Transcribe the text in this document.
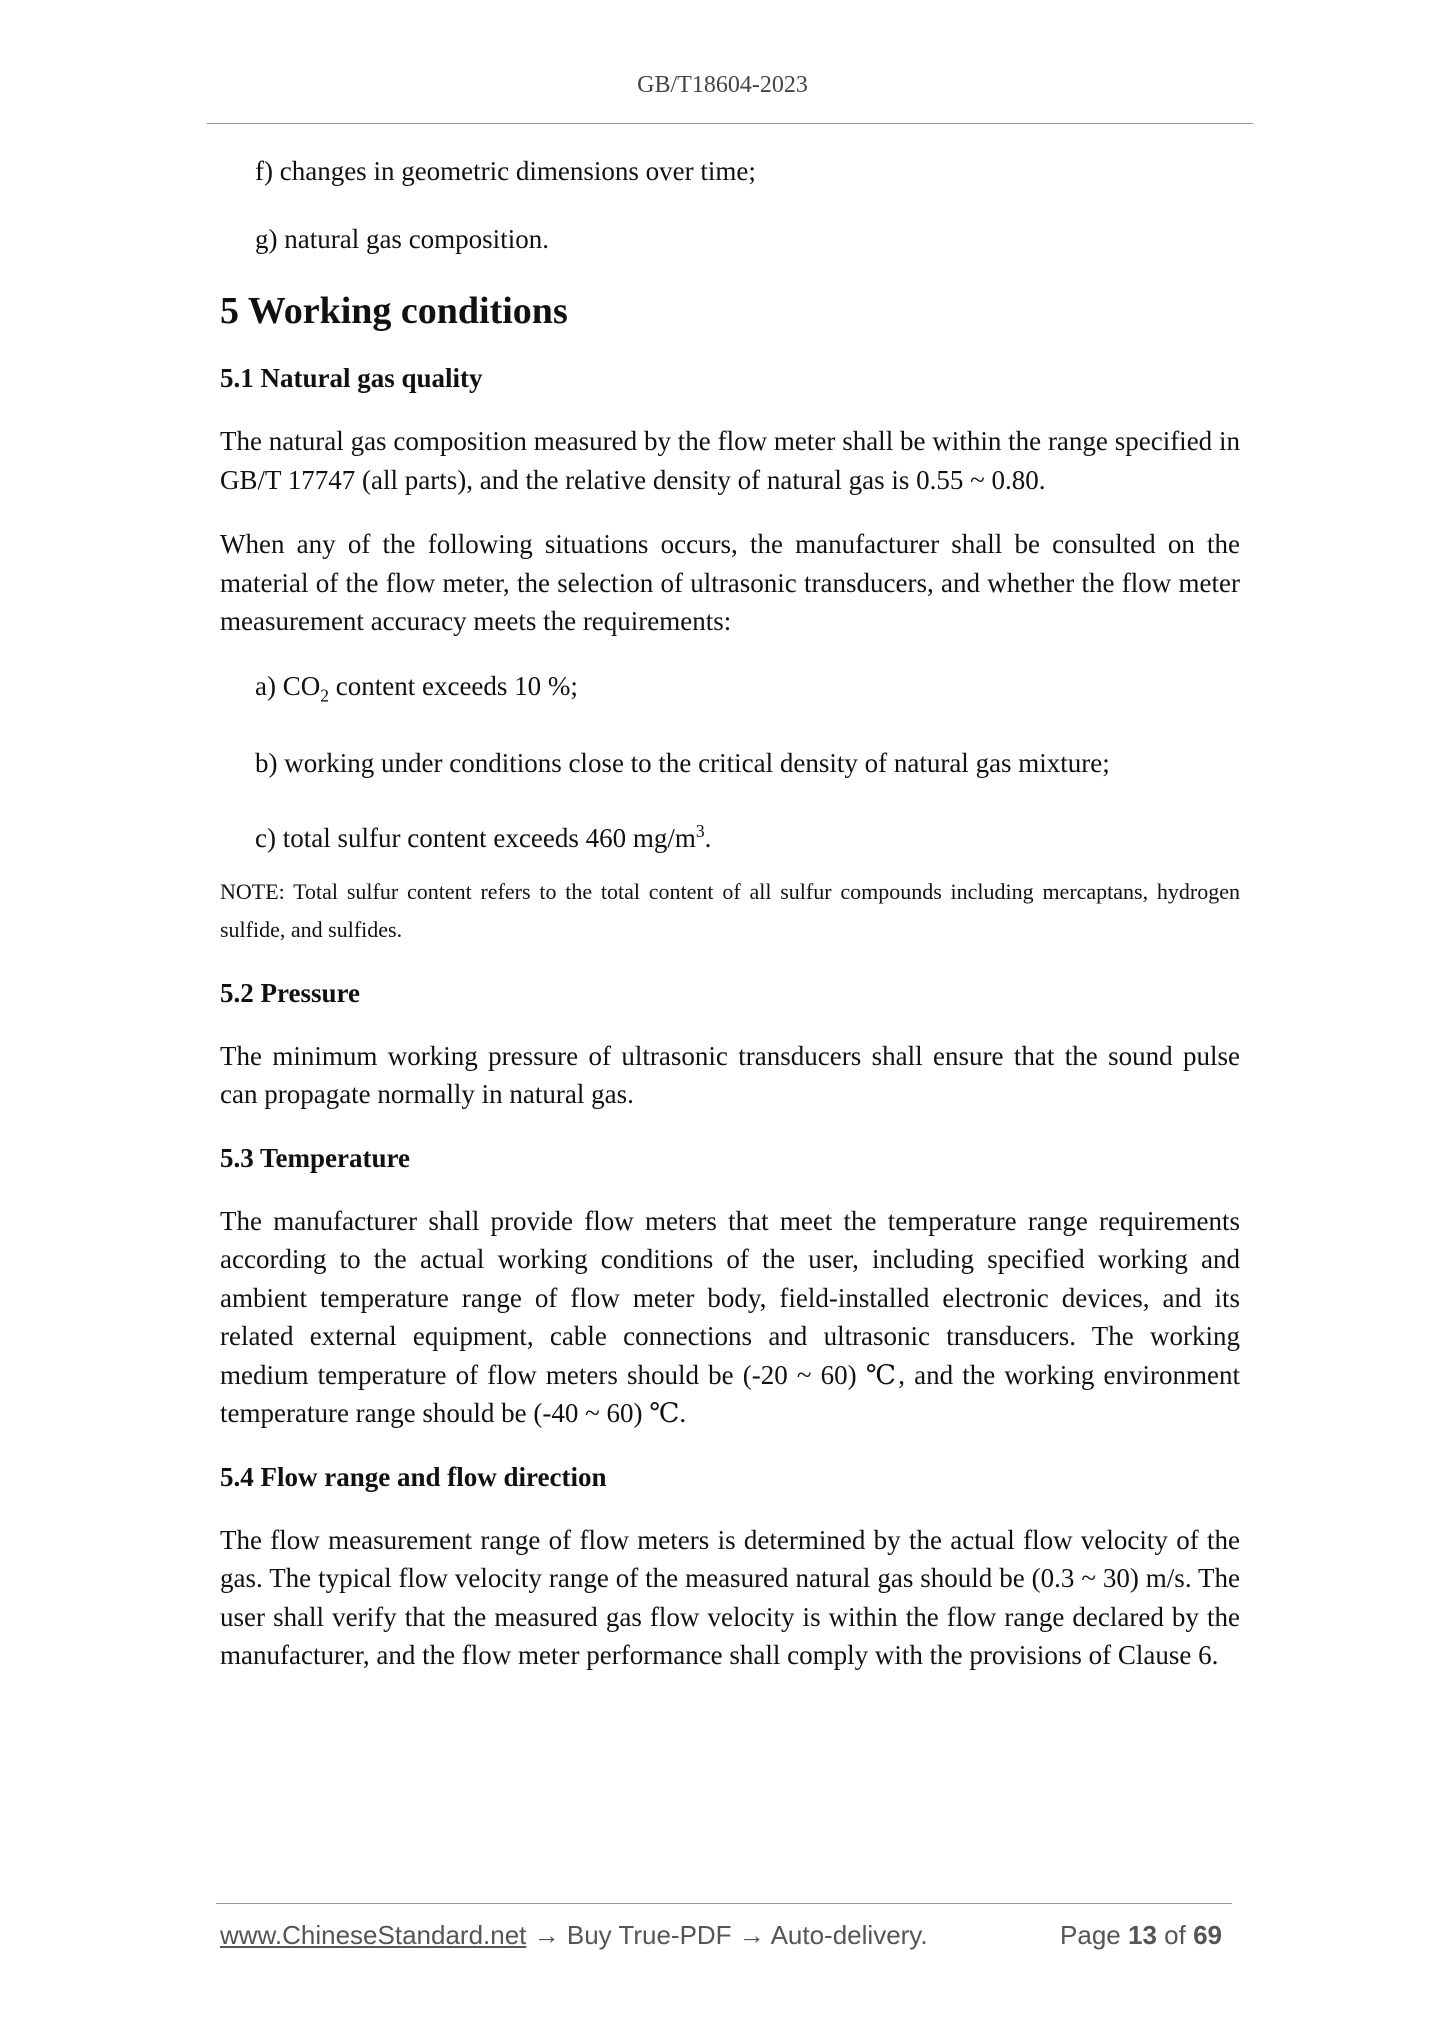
GB/T18604-2023
f) changes in geometric dimensions over time;
g) natural gas composition.
5 Working conditions
5.1 Natural gas quality
The natural gas composition measured by the flow meter shall be within the range specified in GB/T 17747 (all parts), and the relative density of natural gas is 0.55 ~ 0.80.
When any of the following situations occurs, the manufacturer shall be consulted on the material of the flow meter, the selection of ultrasonic transducers, and whether the flow meter measurement accuracy meets the requirements:
a) $CO_2$ content exceeds 10 %;
b) working under conditions close to the critical density of natural gas mixture;
c) total sulfur content exceeds 460 $mg/m^3$.
NOTE: Total sulfur content refers to the total content of all sulfur compounds including mercaptans, hydrogen sulfide, and sulfides.
5.2 Pressure
The minimum working pressure of ultrasonic transducers shall ensure that the sound pulse can propagate normally in natural gas.
5.3 Temperature
The manufacturer shall provide flow meters that meet the temperature range requirements according to the actual working conditions of the user, including specified working and ambient temperature range of flow meter body, field-installed electronic devices, and its related external equipment, cable connections and ultrasonic transducers. The working medium temperature of flow meters should be (-20 ~ 60) ℃, and the working environment temperature range should be (-40 ~ 60) ℃.
5.4 Flow range and flow direction
The flow measurement range of flow meters is determined by the actual flow velocity of the gas. The typical flow velocity range of the measured natural gas should be (0.3 ~ 30) m/s. The user shall verify that the measured gas flow velocity is within the flow range declared by the manufacturer, and the flow meter performance shall comply with the provisions of Clause 6.
www.ChineseStandard.net → Buy True-PDF → Auto-delivery.	Page 13 of 69
